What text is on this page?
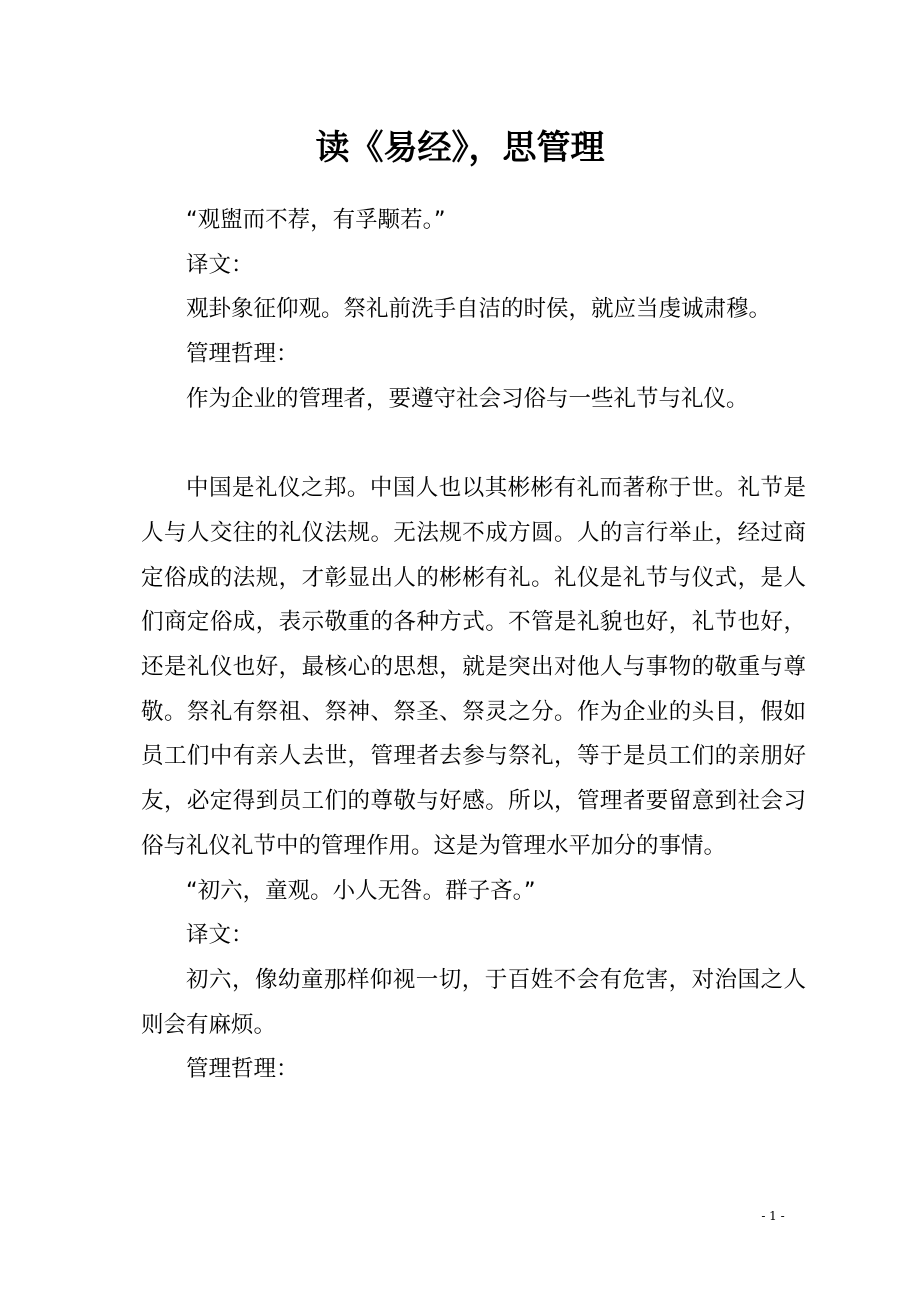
读《易经》，思管理

“观盥而不荐，有孚颙若。”

译文：

观卦象征仰观。祭礼前洗手自洁的时侯，就应当虔诚肃穆。

管理哲理：

作为企业的管理者，要遵守社会习俗与一些礼节与礼仪。

中国是礼仪之邦。中国人也以其彬彬有礼而著称于世。礼节是人与人交往的礼仪法规。无法规不成方圆。人的言行举止，经过商定俗成的法规，才彰显出人的彬彬有礼。礼仪是礼节与仪式，是人们商定俗成，表示敬重的各种方式。不管是礼貌也好，礼节也好，还是礼仪也好，最核心的思想，就是突出对他人与事物的敬重与尊敬。祭礼有祭祖、祭神、祭圣、祭灵之分。作为企业的头目，假如员工们中有亲人去世，管理者去参与祭礼，等于是员工们的亲朋好友，必定得到员工们的尊敬与好感。所以，管理者要留意到社会习俗与礼仪礼节中的管理作用。这是为管理水平加分的事情。

“初六，童观。小人无咎。群子吝。”

译文：

初六，像幼童那样仰视一切，于百姓不会有危害，对治国之人则会有麻烦。

管理哲理：

- 1 -
